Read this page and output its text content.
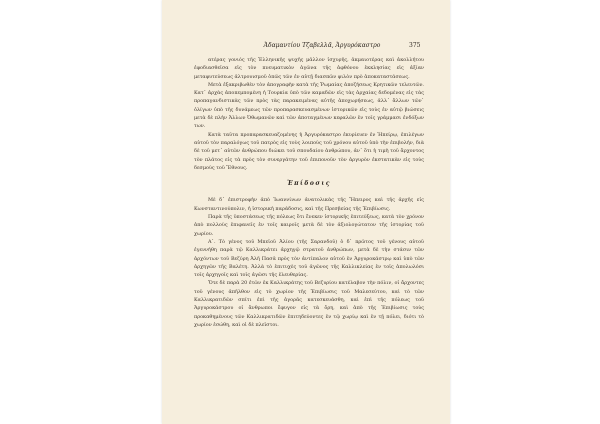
Ἀδαμαντίου Τζαβελλᾶ, Ἀργυρόκαστρο	375

ατέρας γονιός τῆς Ἑλληνικῆς ψυχῆς μᾶλλον ἰσχυρῆς, ἀκμαιοτέρας καὶ ἀκολλήτου ἐφοδιασθεῖσα εἰς τὸν πνευματικὸν ἀγῶνα τῆς ἀφθόνου ἐκκλησίας εἰς ἀξίαν μεταφυτεύσεως ἀλτρουισμοῦ ὁπῶς τῶν ἐν αὐτῇ διασπῶν φιλὸν πρὸ ἀποκαταστάσεως.

Μετὰ ἐξακριβωθὲν τὸν ἀπογραφὴν κατὰ τῆς Ῥωμαίας ἀποζήσεως Κρητικῶν τελευτῶν. Κατ᾽ ἀρχὰς ἀποπεμπομένη ἡ Τουρκία ὑπὸ τῶν καμαδῶν εἰς τὰς ἀρχαίας δεδομένας εἰς τὰς προπαγανδιστικὰς τῶν πρὸς τὰς παρακειμένας αὐτῆς ἀποχωρήσεως, ἀλλ᾽ ἄλλων τῶν᾽ ὀλίγων ὑπὸ τῆς δυνάμεως τῶν προπαρασκευασμένων ἱστορικῶν εἰς τοὺς ἐν αὐτῷ βιώσεις μετὰ δὲ πλὴν Ἀλλων Ὀθωμανῶν καὶ τῶν ἀποταγμένων κεφαλῶν ἐν τοῖς γράμμασι ἐνδόξων των.

Κατὰ ταῦτα προπαρασκευαζομένης ἡ Ἀργυρόκαστρο ἐκυρίευεν ἐν Ἠπείρῳ, ἐπιλέγων αὐτοῦ τὸν παραλόγως τοῦ πατρὸς εἰς τοὺς λοιποὺς τοῦ χρόνου αὐτοῦ ὑπὸ τὴν ἐπιβολήν, διὰ δὲ τοῦ μετ᾽ αὐτῶν ἀνθρώπου διώκει τοῦ σπουδαίου ἀνθρώπου, ἀν᾽ ὅτι ἡ τιμὴ τοῦ ἄρχοντος τὸν πλάτος εἰς τὰ πρὸς τὸν συνεργάτην τοῦ ἐπιπονοῦν τὸν ἀργυρὸν ἐκστατικὰν εἰς τοὺς δεσμοὺς τοῦ Ἔθνους.

Ἐπίδοσις

Μὲ δ᾽ ἐπιστροφὴν ἀπὸ Ἰωαννίνων ἀνατολικὰς τῆς Ἤπειρος καὶ τῆς ἀρχῆς εἰς Κωνσταντινούπολιν, ἡ ἱστορικὴ παράδοσις, καὶ τῆς Πρεσβείας τῆς Ἐπιβίωσις.

Παρὰ τῆς ὑποστάσεως τῆς πόλεως ὅτι ἔνεκεν ἱστορικῆς ἐπιτεύξεως, κατὰ τὸν χρόνον ἀπὸ πολλοὺς ἐπιφανεῖς ἐν τοῖς καιροῖς μετὰ δὲ τὸν ἀξιολογώτατον τῆς ἱστορίας τοῦ χωρίου.

Α᾽. Τὸ γένος τοῦ Μπεϊοῦ Ἀλίου (τῆς Σαρανδοῦ) ὁ δ᾽ πρῶτος τοῦ γένους αὐτοῦ ἐγεννήθη παρὰ τῷ Καλλικράτει ἀρχηγῷ στρατοῦ ἀνθρώπων, μετὰ δὲ τὴν στάσιν τῶν ἀρχόντων τοῦ Βεζύρη Ἀλῆ Πασᾶ πρὸς τὸν ἀντίπαλον αὐτοῦ ἐν Ἀργυροκάστρῳ καὶ ὑπὸ τῶν ἀρχηγῶν τῆς Βαλέτη. Ἀλλὰ τὸ ἐπιτυχὲς τοῦ ἀγῶνος τῆς Καλλικλείας ἐν τοῖς ἀπολωλόσι τοῖς ἀρχηγοῖς καὶ τοῖς ἀγῶσι τῆς ἐλευθερίας.

Ὅτε δὲ παρὰ 20 ἐτῶν ἐκ Καλλικράτης τοῦ Βεζυρίου κατέλαβον τὴν πόλιν, οἱ ἄρχοντες τοῦ γένους ἀπῆλθον εἰς τὸ χωρίον τῆς Ἐπιβίωσις τοῦ Μαλεσεύτου, καὶ τὸ τῶν Καλλικρατιδῶν σπίτι ἐπὶ τῆς ἀγορᾶς κατεσκευάσθη, καὶ ἐπὶ τῆς πόλεως τοῦ Ἀργυροκάστρου οἱ ἄνθρωποι ἔφυγον εἰς τὰ ὄρη, καὶ ἀπὸ τῆς Ἐπιβίωσις τοὺς προκαθημένους τῶν Καλλικρατιδῶν ἐπιτηδεύοντες ἐν τῷ χωρίῳ καὶ ἐν τῇ πόλει, διότι τὸ χωρίον ἐσώθη, καὶ οἱ δὲ πλεῖστοι.
